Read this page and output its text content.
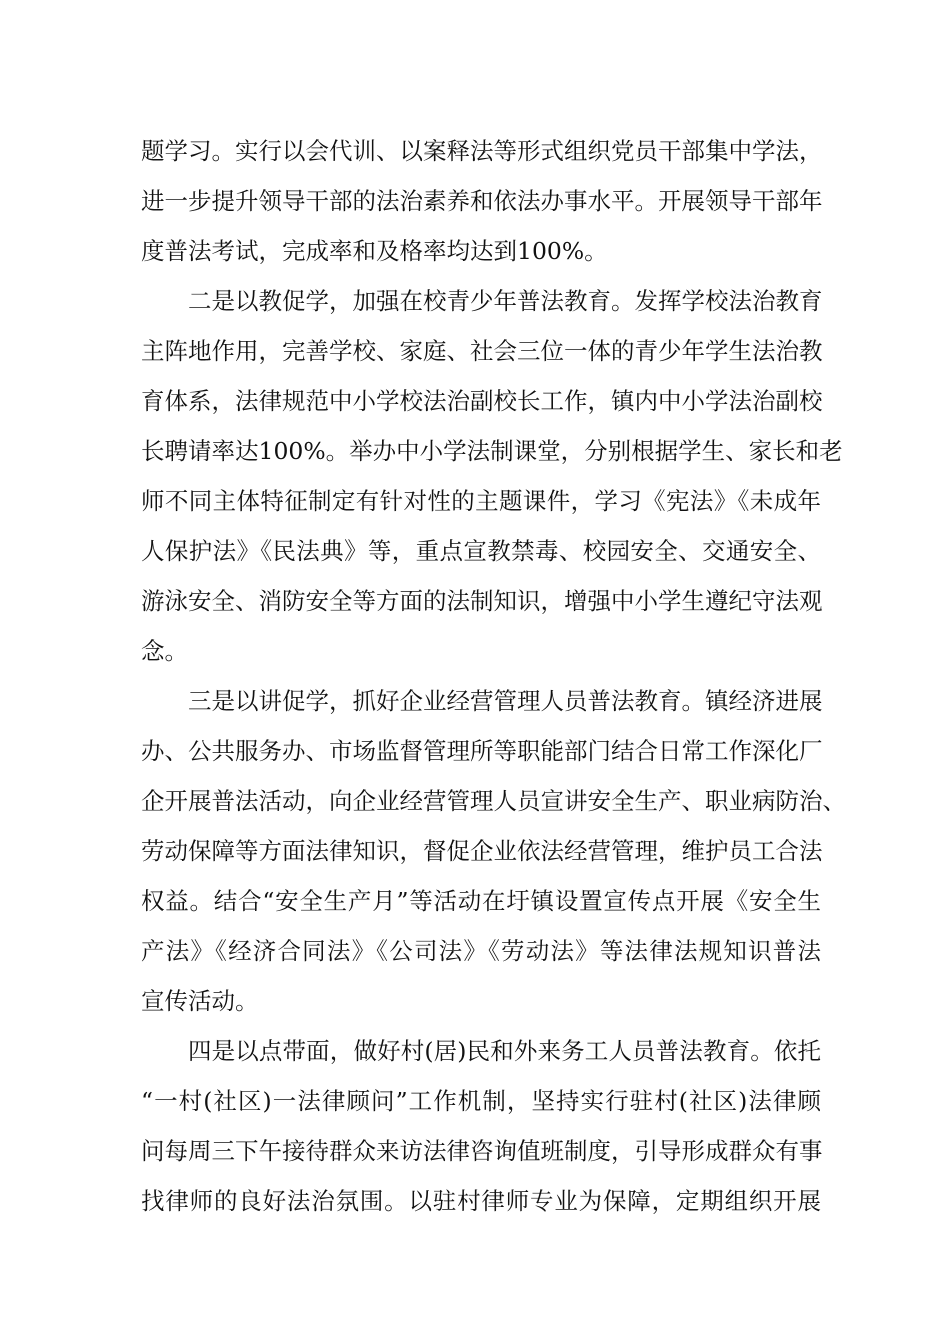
题学习。实行以会代训、以案释法等形式组织党员干部集中学法，
进一步提升领导干部的法治素养和依法办事水平。开展领导干部年
度普法考试，完成率和及格率均达到100%。
二是以教促学，加强在校青少年普法教育。发挥学校法治教育
主阵地作用，完善学校、家庭、社会三位一体的青少年学生法治教
育体系，法律规范中小学校法治副校长工作，镇内中小学法治副校
长聘请率达100%。举办中小学法制课堂，分别根据学生、家长和老
师不同主体特征制定有针对性的主题课件，学习《宪法》《未成年
人保护法》《民法典》等，重点宣教禁毒、校园安全、交通安全、
游泳安全、消防安全等方面的法制知识，增强中小学生遵纪守法观
念。
三是以讲促学，抓好企业经营管理人员普法教育。镇经济进展
办、公共服务办、市场监督管理所等职能部门结合日常工作深化厂
企开展普法活动，向企业经营管理人员宣讲安全生产、职业病防治、
劳动保障等方面法律知识，督促企业依法经营管理，维护员工合法
权益。结合“安全生产月”等活动在圩镇设置宣传点开展《安全生
产法》《经济合同法》《公司法》《劳动法》等法律法规知识普法
宣传活动。
四是以点带面，做好村(居)民和外来务工人员普法教育。依托
“一村(社区)一法律顾问”工作机制，坚持实行驻村(社区)法律顾
问每周三下午接待群众来访法律咨询值班制度，引导形成群众有事
找律师的良好法治氛围。以驻村律师专业为保障，定期组织开展
